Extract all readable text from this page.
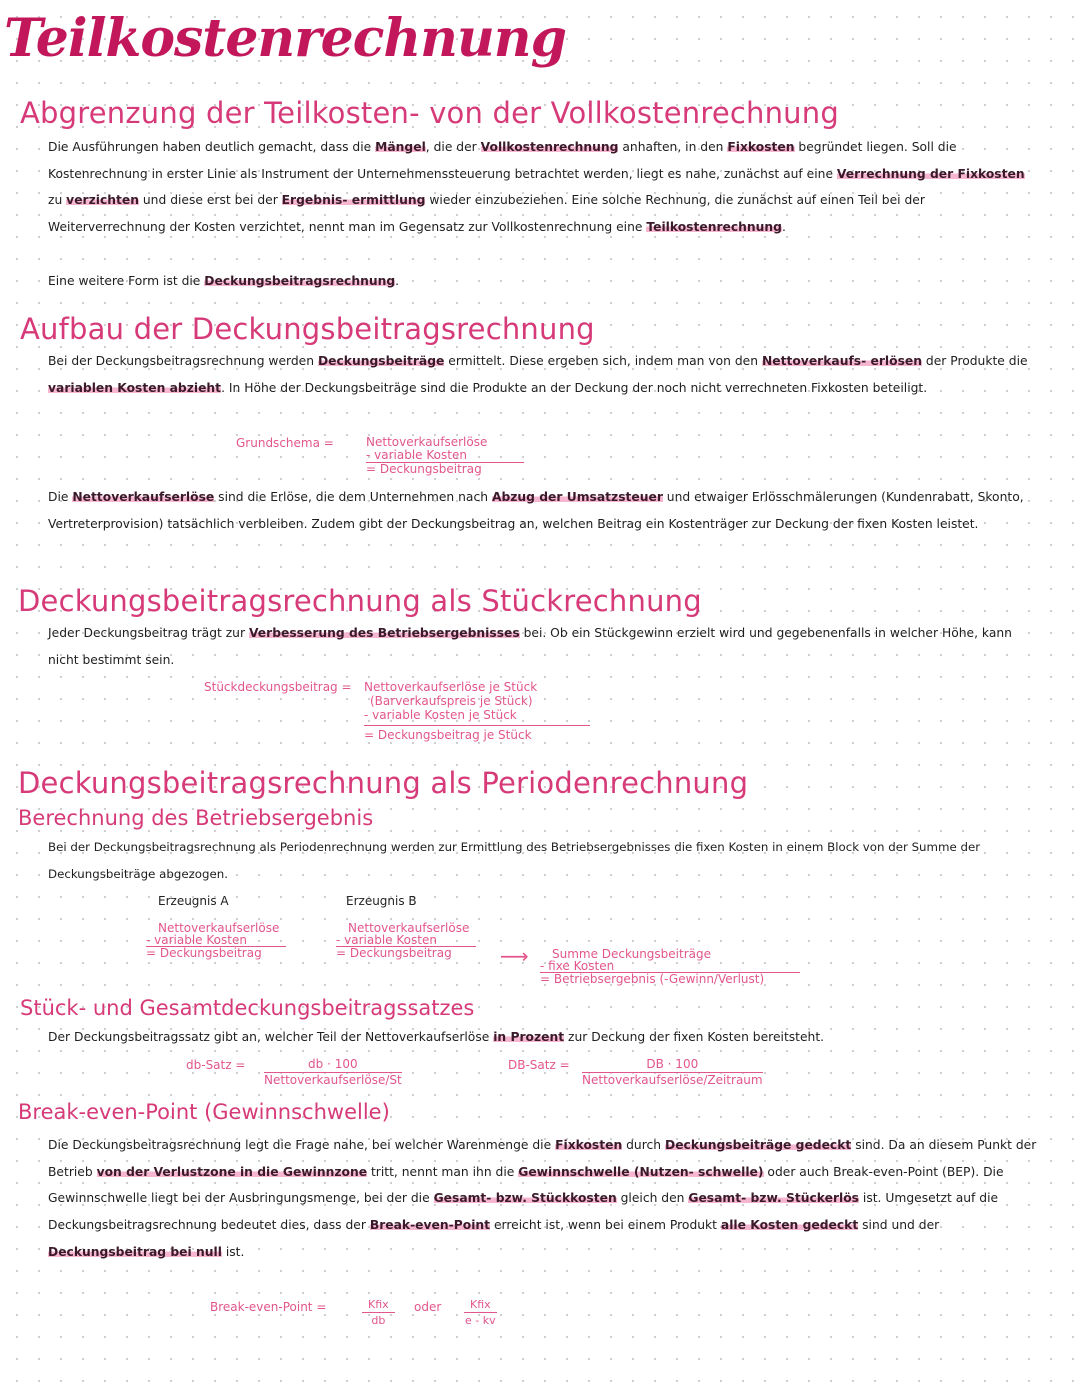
Teilkostenrechnung
Abgrenzung der Teilkosten- von der Vollkostenrechnung

Die Ausführungen haben deutlich gemacht, dass die Mängel, die der Vollkostenrechnung anhaften, in den Fixkosten begründet liegen. Soll die Kostenrechnung in erster Linie als Instrument der Unternehmenssteuerung betrachtet werden, liegt es nahe, zunächst auf eine Verrechnung der Fixkosten zu verzichten und diese erst bei der Ergebnis- ermittlung wieder einzubeziehen. Eine solche Rechnung, die zunächst auf einen Teil bei der Weiterverrechnung der Kosten verzichtet, nennt man im Gegensatz zur Vollkostenrechnung eine Teilkostenrechnung.

Eine weitere Form ist die Deckungsbeitragsrechnung.

Aufbau der Deckungsbeitragsrechnung

Bei der Deckungsbeitragsrechnung werden Deckungsbeiträge ermittelt. Diese ergeben sich, indem man von den Nettoverkaufs- erlösen der Produkte die variablen Kosten abzieht. In Höhe der Deckungsbeiträge sind die Produkte an der Deckung der noch nicht verrechneten Fixkosten beteiligt.

Grundschema =	Nettoverkaufserlöse
- variable Kosten
= Deckungsbeitrag

Die Nettoverkaufserlöse sind die Erlöse, die dem Unternehmen nach Abzug der Umsatzsteuer und etwaiger Erlösschmälerungen (Kundenrabatt, Skonto, Vertreterprovision) tatsächlich verbleiben. Zudem gibt der Deckungsbeitrag an, welchen Beitrag ein Kostenträger zur Deckung der fixen Kosten leistet.

Deckungsbeitragsrechnung als Stückrechnung

Jeder Deckungsbeitrag trägt zur Verbesserung des Betriebsergebnisses bei. Ob ein Stückgewinn erzielt wird und gegebenenfalls in welcher Höhe, kann nicht bestimmt sein.

Stückdeckungsbeitrag = Nettoverkaufserlöse je Stück
(Barverkaufspreis je Stück)
- variable Kosten je Stück
= Deckungsbeitrag je Stück
Deckungsbeitragsrechnung als Periodenrechnung
Berechnung des Betriebsergebnis

Bei der Deckungsbeitragsrechnung als Periodenrechnung werden zur Ermittlung des Betriebsergebnisses die fixen Kosten in einem Block von der Summe der Deckungsbeiträge abgezogen.

Erzeugnis A
Nettoverkaufserlöse
- variable Kosten
= Deckungsbeitrag
Erzeugnis B
Nettoverkaufserlöse
- variable Kosten
= Deckungsbeitrag	⟶	Summe Deckungsbeiträge
- fixe Kosten
= Betriebsergebnis (-Gewinn/Verlust)
Stück- und Gesamtdeckungsbeitragssatzes

Der Deckungsbeitragssatz gibt an, welcher Teil der Nettoverkaufserlöse in Prozent zur Deckung der fixen Kosten bereitsteht.

db-Satz =	db · 100
Nettoverkaufserlöse/St
DB-Satz =	DB · 100
Nettoverkaufserlöse/Zeitraum
Break-even-Point (Gewinnschwelle)

Die Deckungsbeitragsrechnung legt die Frage nahe, bei welcher Warenmenge die Fixkosten durch Deckungsbeiträge gedeckt sind. Da an diesem Punkt der Betrieb von der Verlustzone in die Gewinnzone tritt, nennt man ihn die Gewinnschwelle (Nutzen- schwelle) oder auch Break-even-Point (BEP). Die Gewinnschwelle liegt bei der Ausbringungsmenge, bei der die Gesamt- bzw. Stückkosten gleich den Gesamt- bzw. Stückerlös ist. Umgesetzt auf die Deckungsbeitragsrechnung bedeutet dies, dass der Break-even-Point erreicht ist, wenn bei einem Produkt alle Kosten gedeckt sind und der Deckungsbeitrag bei null ist.

Break-even-Point =	Kfix
db
oder	Kfix
e - kv
